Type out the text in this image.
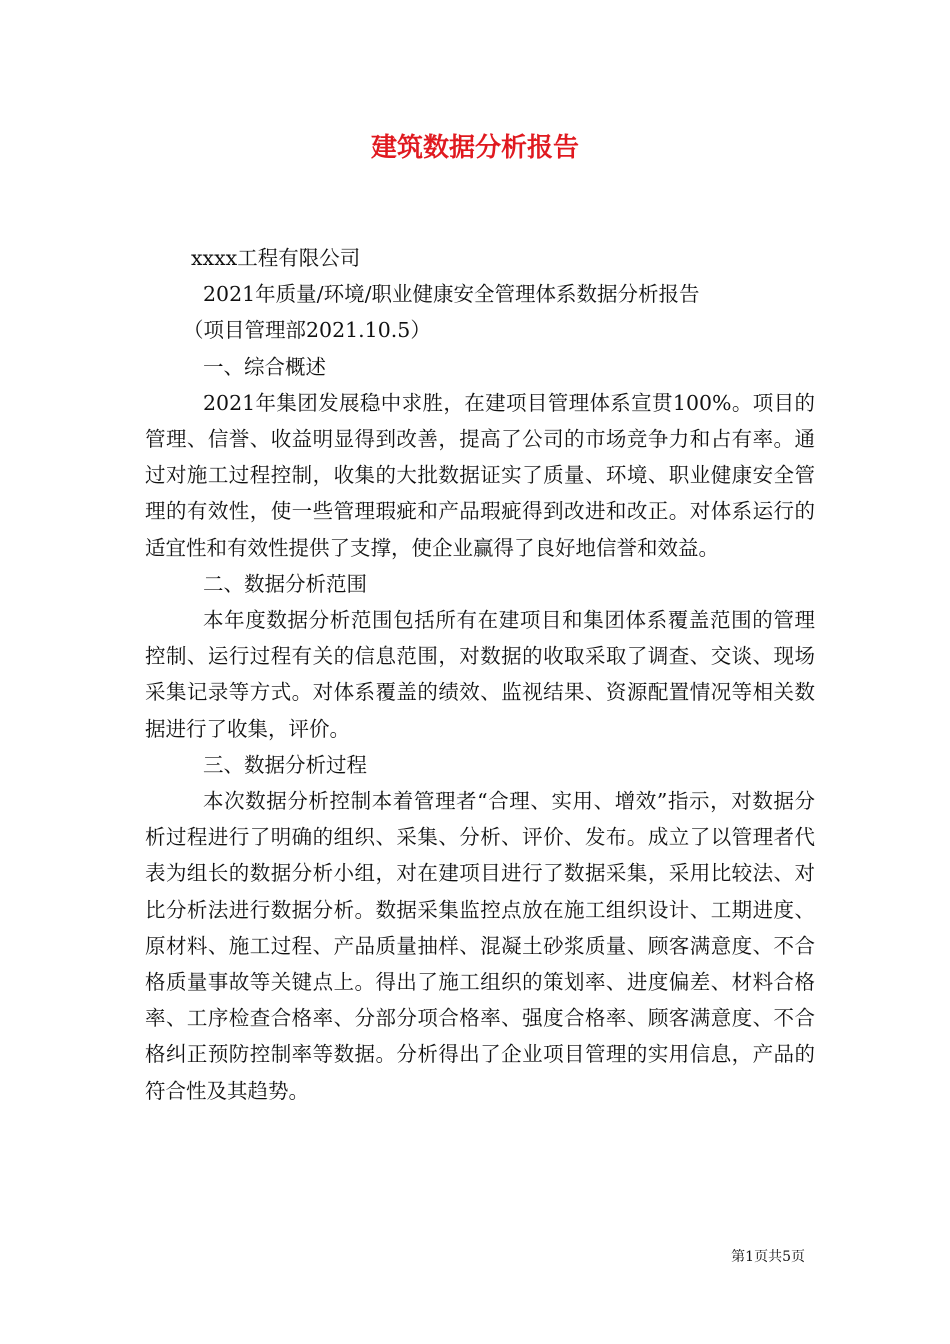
建筑数据分析报告
xxxx工程有限公司
2021年质量/环境/职业健康安全管理体系数据分析报告
（项目管理部2021.10.5）
一、综合概述

2021年集团发展稳中求胜，在建项目管理体系宣贯100%。项目的管理、信誉、收益明显得到改善，提高了公司的市场竞争力和占有率。通过对施工过程控制，收集的大批数据证实了质量、环境、职业健康安全管理的有效性，使一些管理瑕疵和产品瑕疵得到改进和改正。对体系运行的适宜性和有效性提供了支撑，使企业赢得了良好地信誉和效益。

二、数据分析范围

本年度数据分析范围包括所有在建项目和集团体系覆盖范围的管理控制、运行过程有关的信息范围，对数据的收取采取了调查、交谈、现场采集记录等方式。对体系覆盖的绩效、监视结果、资源配置情况等相关数据进行了收集，评价。

三、数据分析过程

本次数据分析控制本着管理者“合理、实用、增效”指示，对数据分析过程进行了明确的组织、采集、分析、评价、发布。成立了以管理者代表为组长的数据分析小组，对在建项目进行了数据采集，采用比较法、对比分析法进行数据分析。数据采集监控点放在施工组织设计、工期进度、原材料、施工过程、产品质量抽样、混凝土砂浆质量、顾客满意度、不合格质量事故等关键点上。得出了施工组织的策划率、进度偏差、材料合格率、工序检查合格率、分部分项合格率、强度合格率、顾客满意度、不合格纠正预防控制率等数据。分析得出了企业项目管理的实用信息，产品的符合性及其趋势。

第1页共5页
